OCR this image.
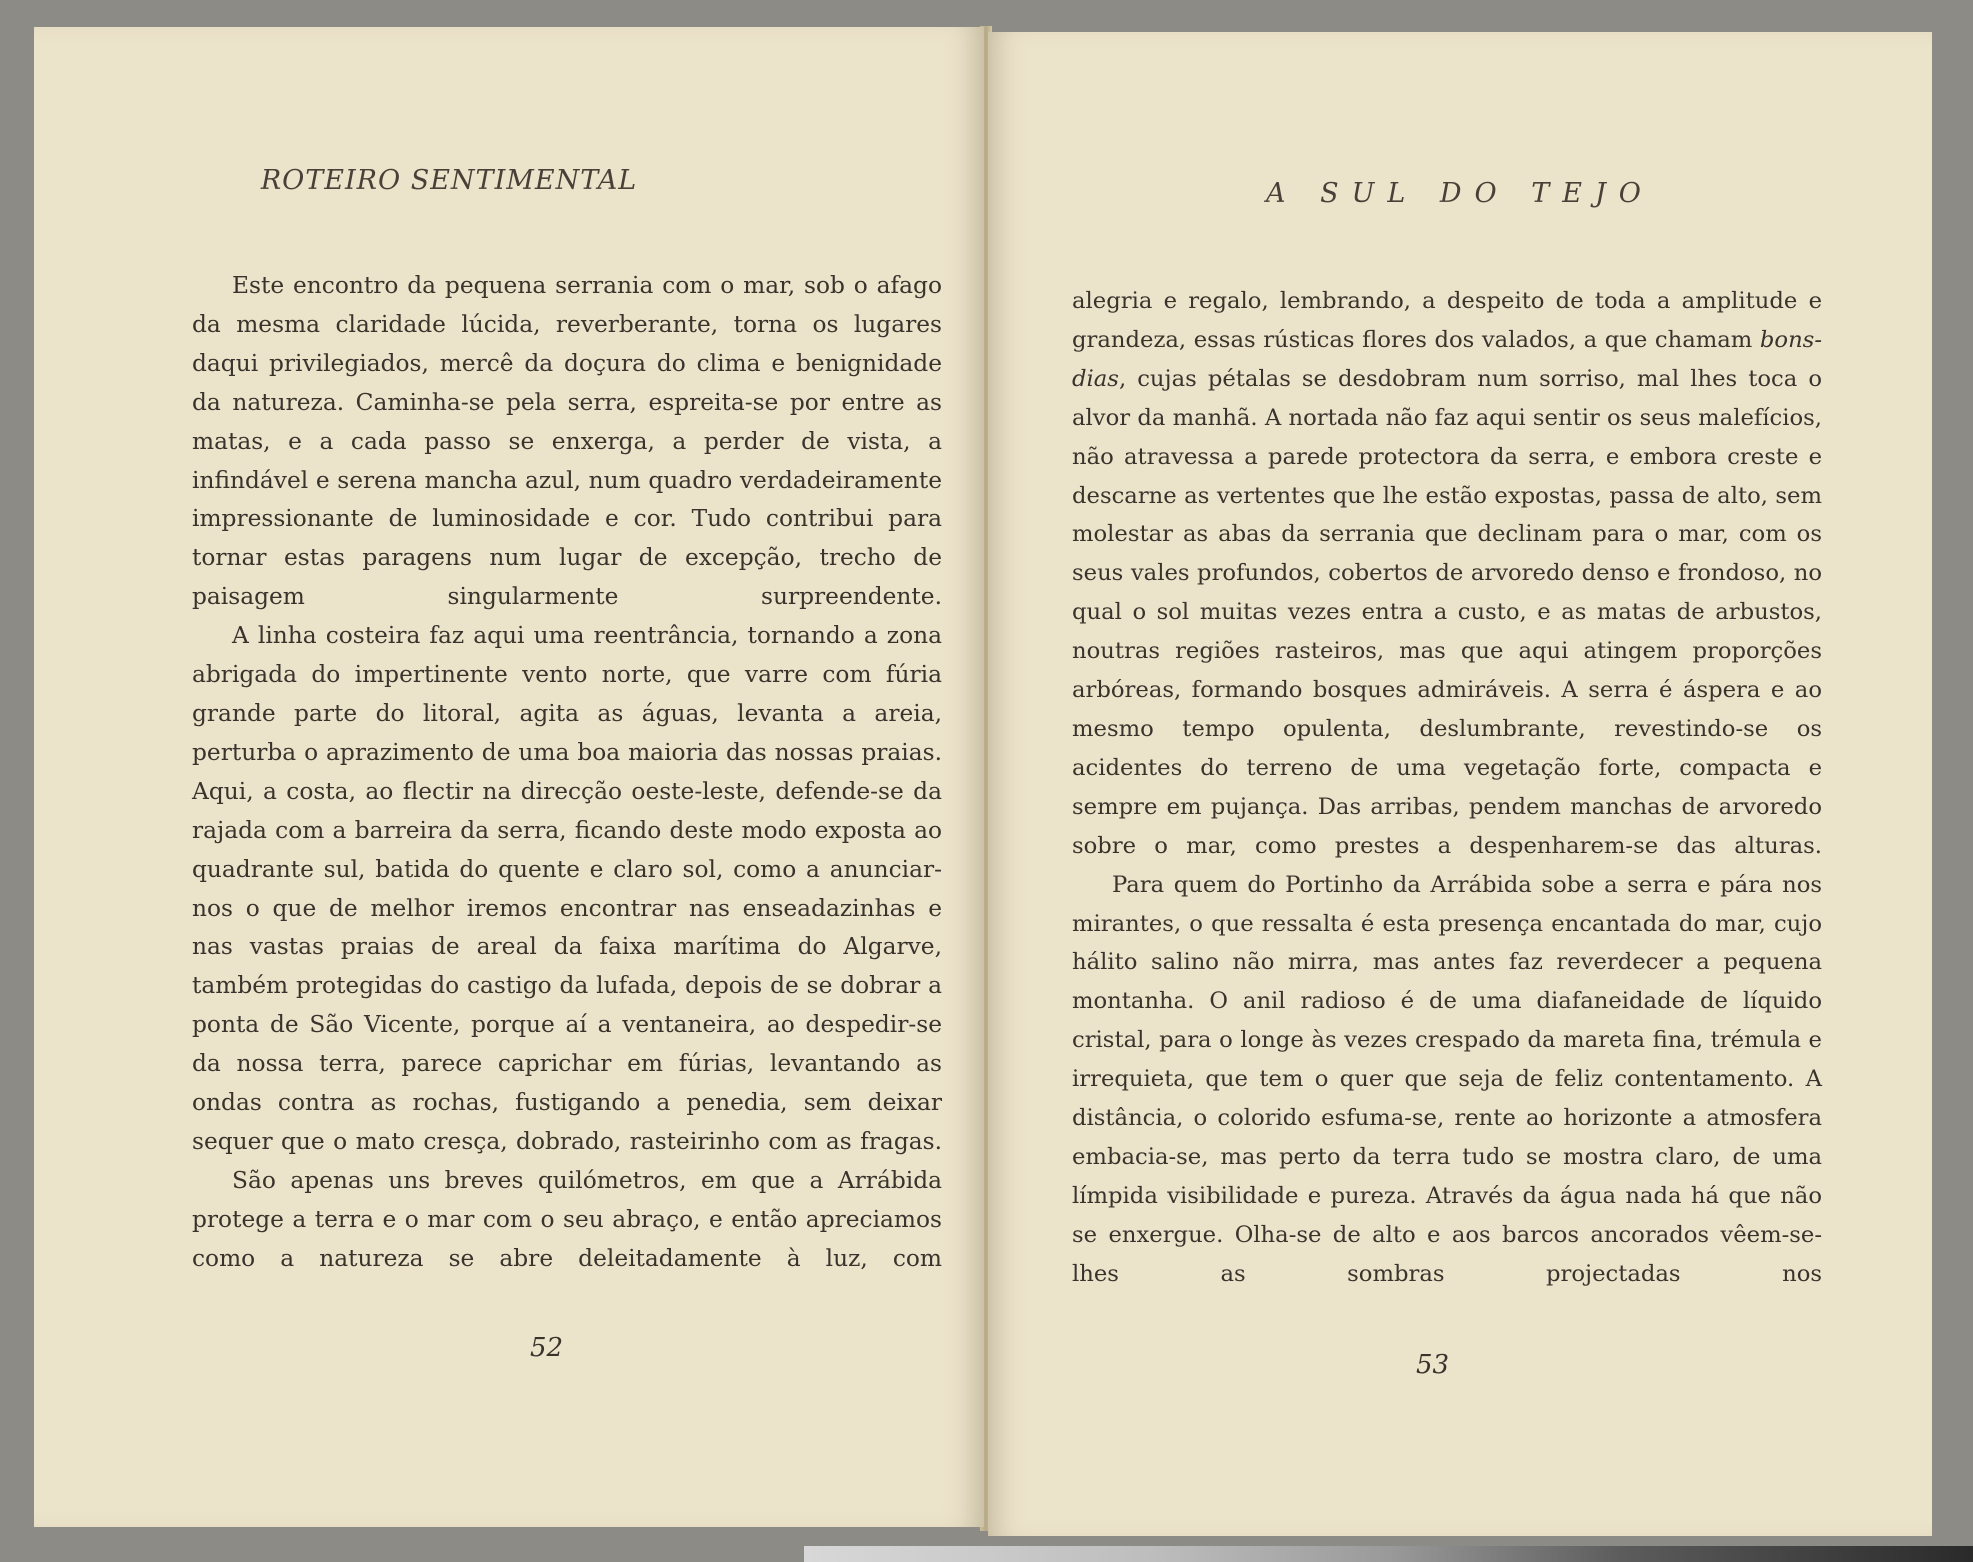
ROTEIRO SENTIMENTAL

Este encontro da pequena serrania com o mar, sob o afago da mesma claridade lúcida, reverberante, torna os lugares daqui privilegiados, mercê da doçura do clima e benignidade da natureza. Caminha-se pela serra, espreita-se por entre as matas, e a cada passo se enxerga, a perder de vista, a infindável e serena mancha azul, num quadro verdadeiramente impressionante de luminosidade e cor. Tudo contribui para tornar estas paragens num lugar de excepção, trecho de paisagem singularmente surpreendente.

A linha costeira faz aqui uma reentrância, tornando a zona abrigada do impertinente vento norte, que varre com fúria grande parte do litoral, agita as águas, levanta a areia, perturba o aprazimento de uma boa maioria das nossas praias. Aqui, a costa, ao flectir na direcção oeste-leste, defende-se da rajada com a barreira da serra, ficando deste modo exposta ao quadrante sul, batida do quente e claro sol, como a anunciar-nos o que de melhor iremos encontrar nas enseadazinhas e nas vastas praias de areal da faixa marítima do Algarve, também protegidas do castigo da lufada, depois de se dobrar a ponta de São Vicente, porque aí a ventaneira, ao despedir-se da nossa terra, parece caprichar em fúrias, levantando as ondas contra as rochas, fustigando a penedia, sem deixar sequer que o mato cresça, dobrado, rasteirinho com as fragas.

São apenas uns breves quilómetros, em que a Arrábida protege a terra e o mar com o seu abraço, e então apreciamos como a natureza se abre deleitadamente à luz, com

52
A SUL DO TEJO

alegria e regalo, lembrando, a despeito de toda a amplitude e grandeza, essas rústicas flores dos valados, a que chamam bons-dias, cujas pétalas se desdobram num sorriso, mal lhes toca o alvor da manhã. A nortada não faz aqui sentir os seus malefícios, não atravessa a parede protectora da serra, e embora creste e descarne as vertentes que lhe estão expostas, passa de alto, sem molestar as abas da serrania que declinam para o mar, com os seus vales profundos, cobertos de arvoredo denso e frondoso, no qual o sol muitas vezes entra a custo, e as matas de arbustos, noutras regiões rasteiros, mas que aqui atingem proporções arbóreas, formando bosques admiráveis. A serra é áspera e ao mesmo tempo opulenta, deslumbrante, revestindo-se os acidentes do terreno de uma vegetação forte, compacta e sempre em pujança. Das arribas, pendem manchas de arvoredo sobre o mar, como prestes a despenharem-se das alturas.

Para quem do Portinho da Arrábida sobe a serra e pára nos mirantes, o que ressalta é esta presença encantada do mar, cujo hálito salino não mirra, mas antes faz reverdecer a pequena montanha. O anil radioso é de uma diafaneidade de líquido cristal, para o longe às vezes crespado da mareta fina, trémula e irrequieta, que tem o quer que seja de feliz contentamento. A distância, o colorido esfuma-se, rente ao horizonte a atmosfera embacia-se, mas perto da terra tudo se mostra claro, de uma límpida visibilidade e pureza. Através da água nada há que não se enxergue. Olha-se de alto e aos barcos ancorados vêem-se-lhes as sombras projectadas nos

53
